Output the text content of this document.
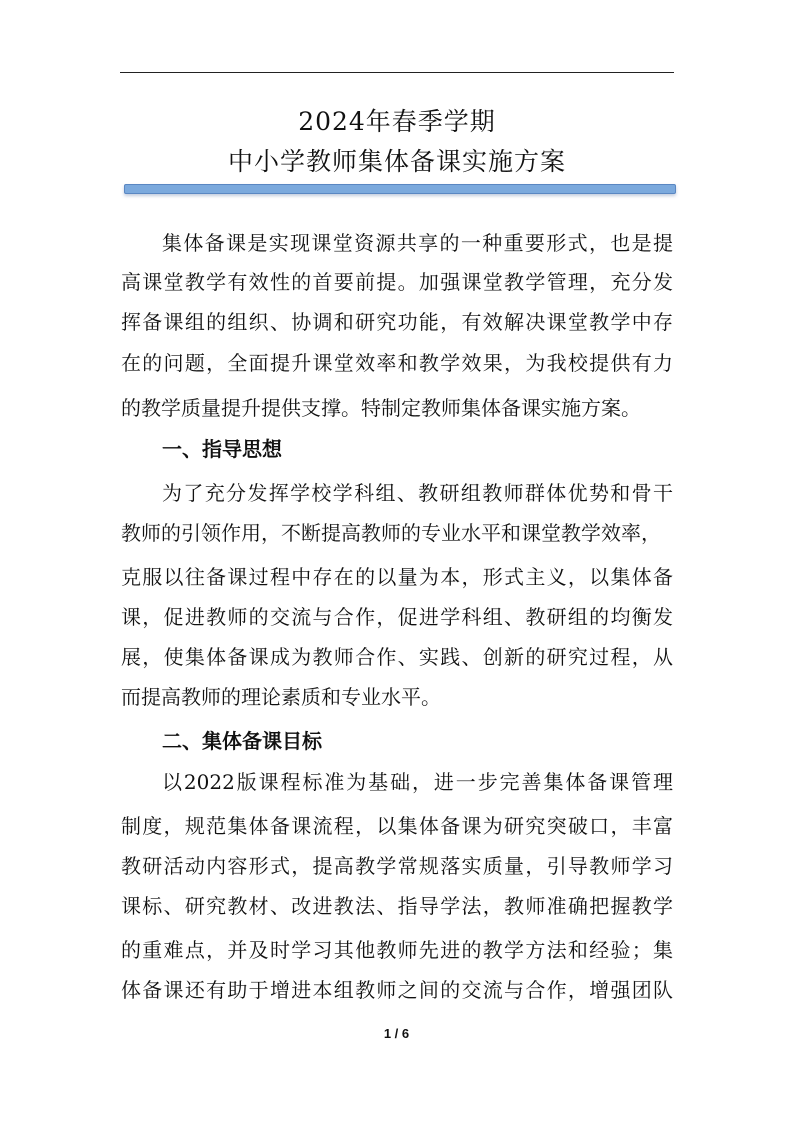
2024年春季学期
中小学教师集体备课实施方案
集体备课是实现课堂资源共享的一种重要形式，也是提
高课堂教学有效性的首要前提。加强课堂教学管理，充分发
挥备课组的组织、协调和研究功能，有效解决课堂教学中存
在的问题，全面提升课堂效率和教学效果，为我校提供有力
的教学质量提升提供支撑。特制定教师集体备课实施方案。
一、指导思想
为了充分发挥学校学科组、教研组教师群体优势和骨干
教师的引领作用，不断提高教师的专业水平和课堂教学效率，
克服以往备课过程中存在的以量为本，形式主义，以集体备
课，促进教师的交流与合作，促进学科组、教研组的均衡发
展，使集体备课成为教师合作、实践、创新的研究过程，从
而提高教师的理论素质和专业水平。
二、集体备课目标
以2022版课程标准为基础，进一步完善集体备课管理
制度，规范集体备课流程，以集体备课为研究突破口，丰富
教研活动内容形式，提高教学常规落实质量，引导教师学习
课标、研究教材、改进教法、指导学法，教师准确把握教学
的重难点，并及时学习其他教师先进的教学方法和经验；集
体备课还有助于增进本组教师之间的交流与合作，增强团队
1 / 6
